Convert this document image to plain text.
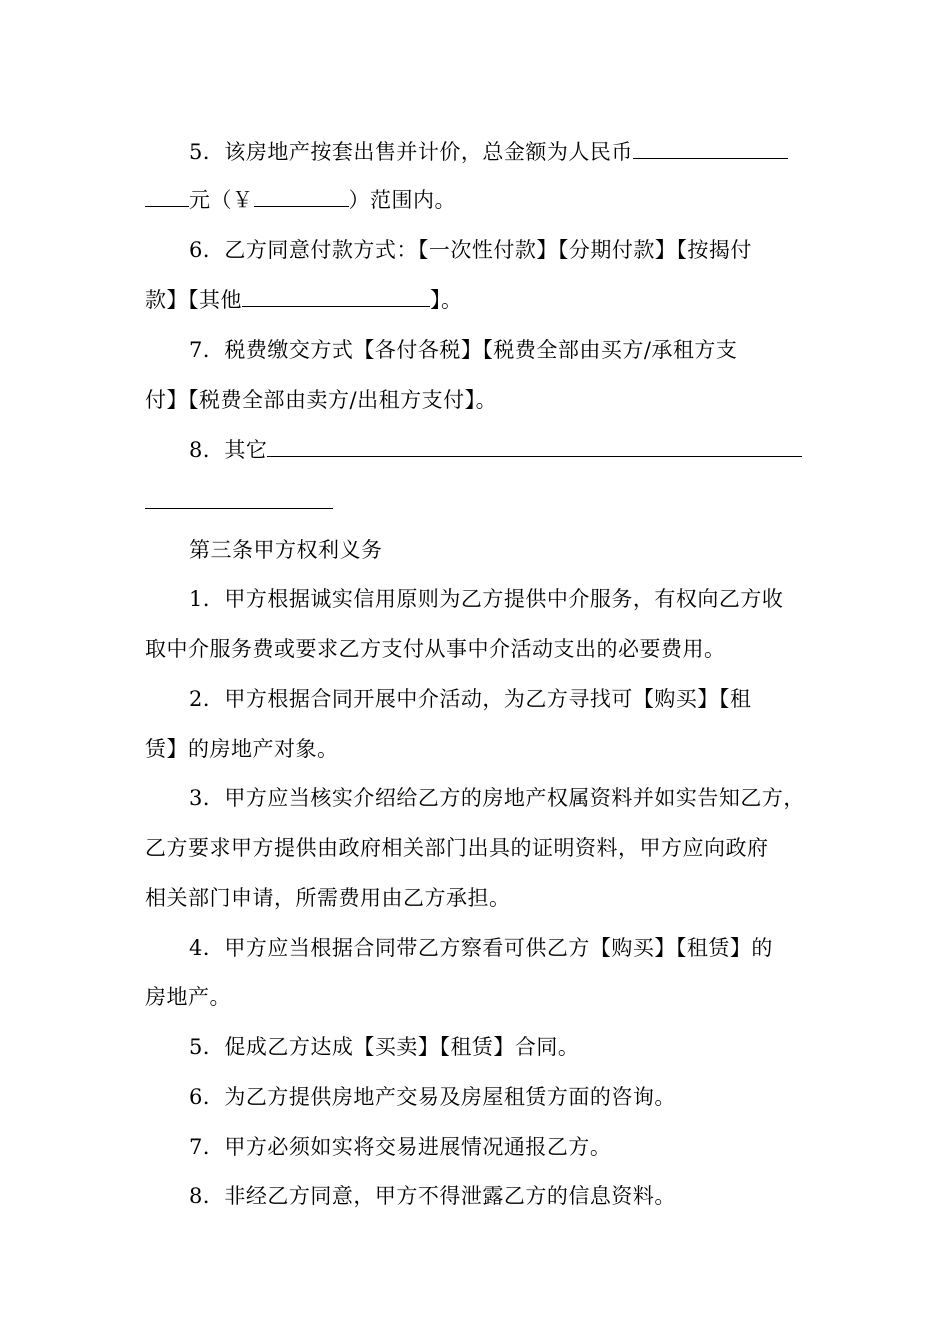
5．该房地产按套出售并计价，总金额为人民币
元（￥	）范围内。
6．乙方同意付款方式：【一次性付款】【分期付款】【按揭付
款】【其他	】。
7．税费缴交方式【各付各税】【税费全部由买方/承租方支
付】【税费全部由卖方/出租方支付】。
8．其它
第三条甲方权利义务
1．甲方根据诚实信用原则为乙方提供中介服务，有权向乙方收
取中介服务费或要求乙方支付从事中介活动支出的必要费用。
2．甲方根据合同开展中介活动，为乙方寻找可【购买】【租
赁】的房地产对象。
3．甲方应当核实介绍给乙方的房地产权属资料并如实告知乙方，
乙方要求甲方提供由政府相关部门出具的证明资料，甲方应向政府
相关部门申请，所需费用由乙方承担。
4．甲方应当根据合同带乙方察看可供乙方【购买】【租赁】的
房地产。
5．促成乙方达成【买卖】【租赁】合同。
6．为乙方提供房地产交易及房屋租赁方面的咨询。
7．甲方必须如实将交易进展情况通报乙方。
8．非经乙方同意，甲方不得泄露乙方的信息资料。
